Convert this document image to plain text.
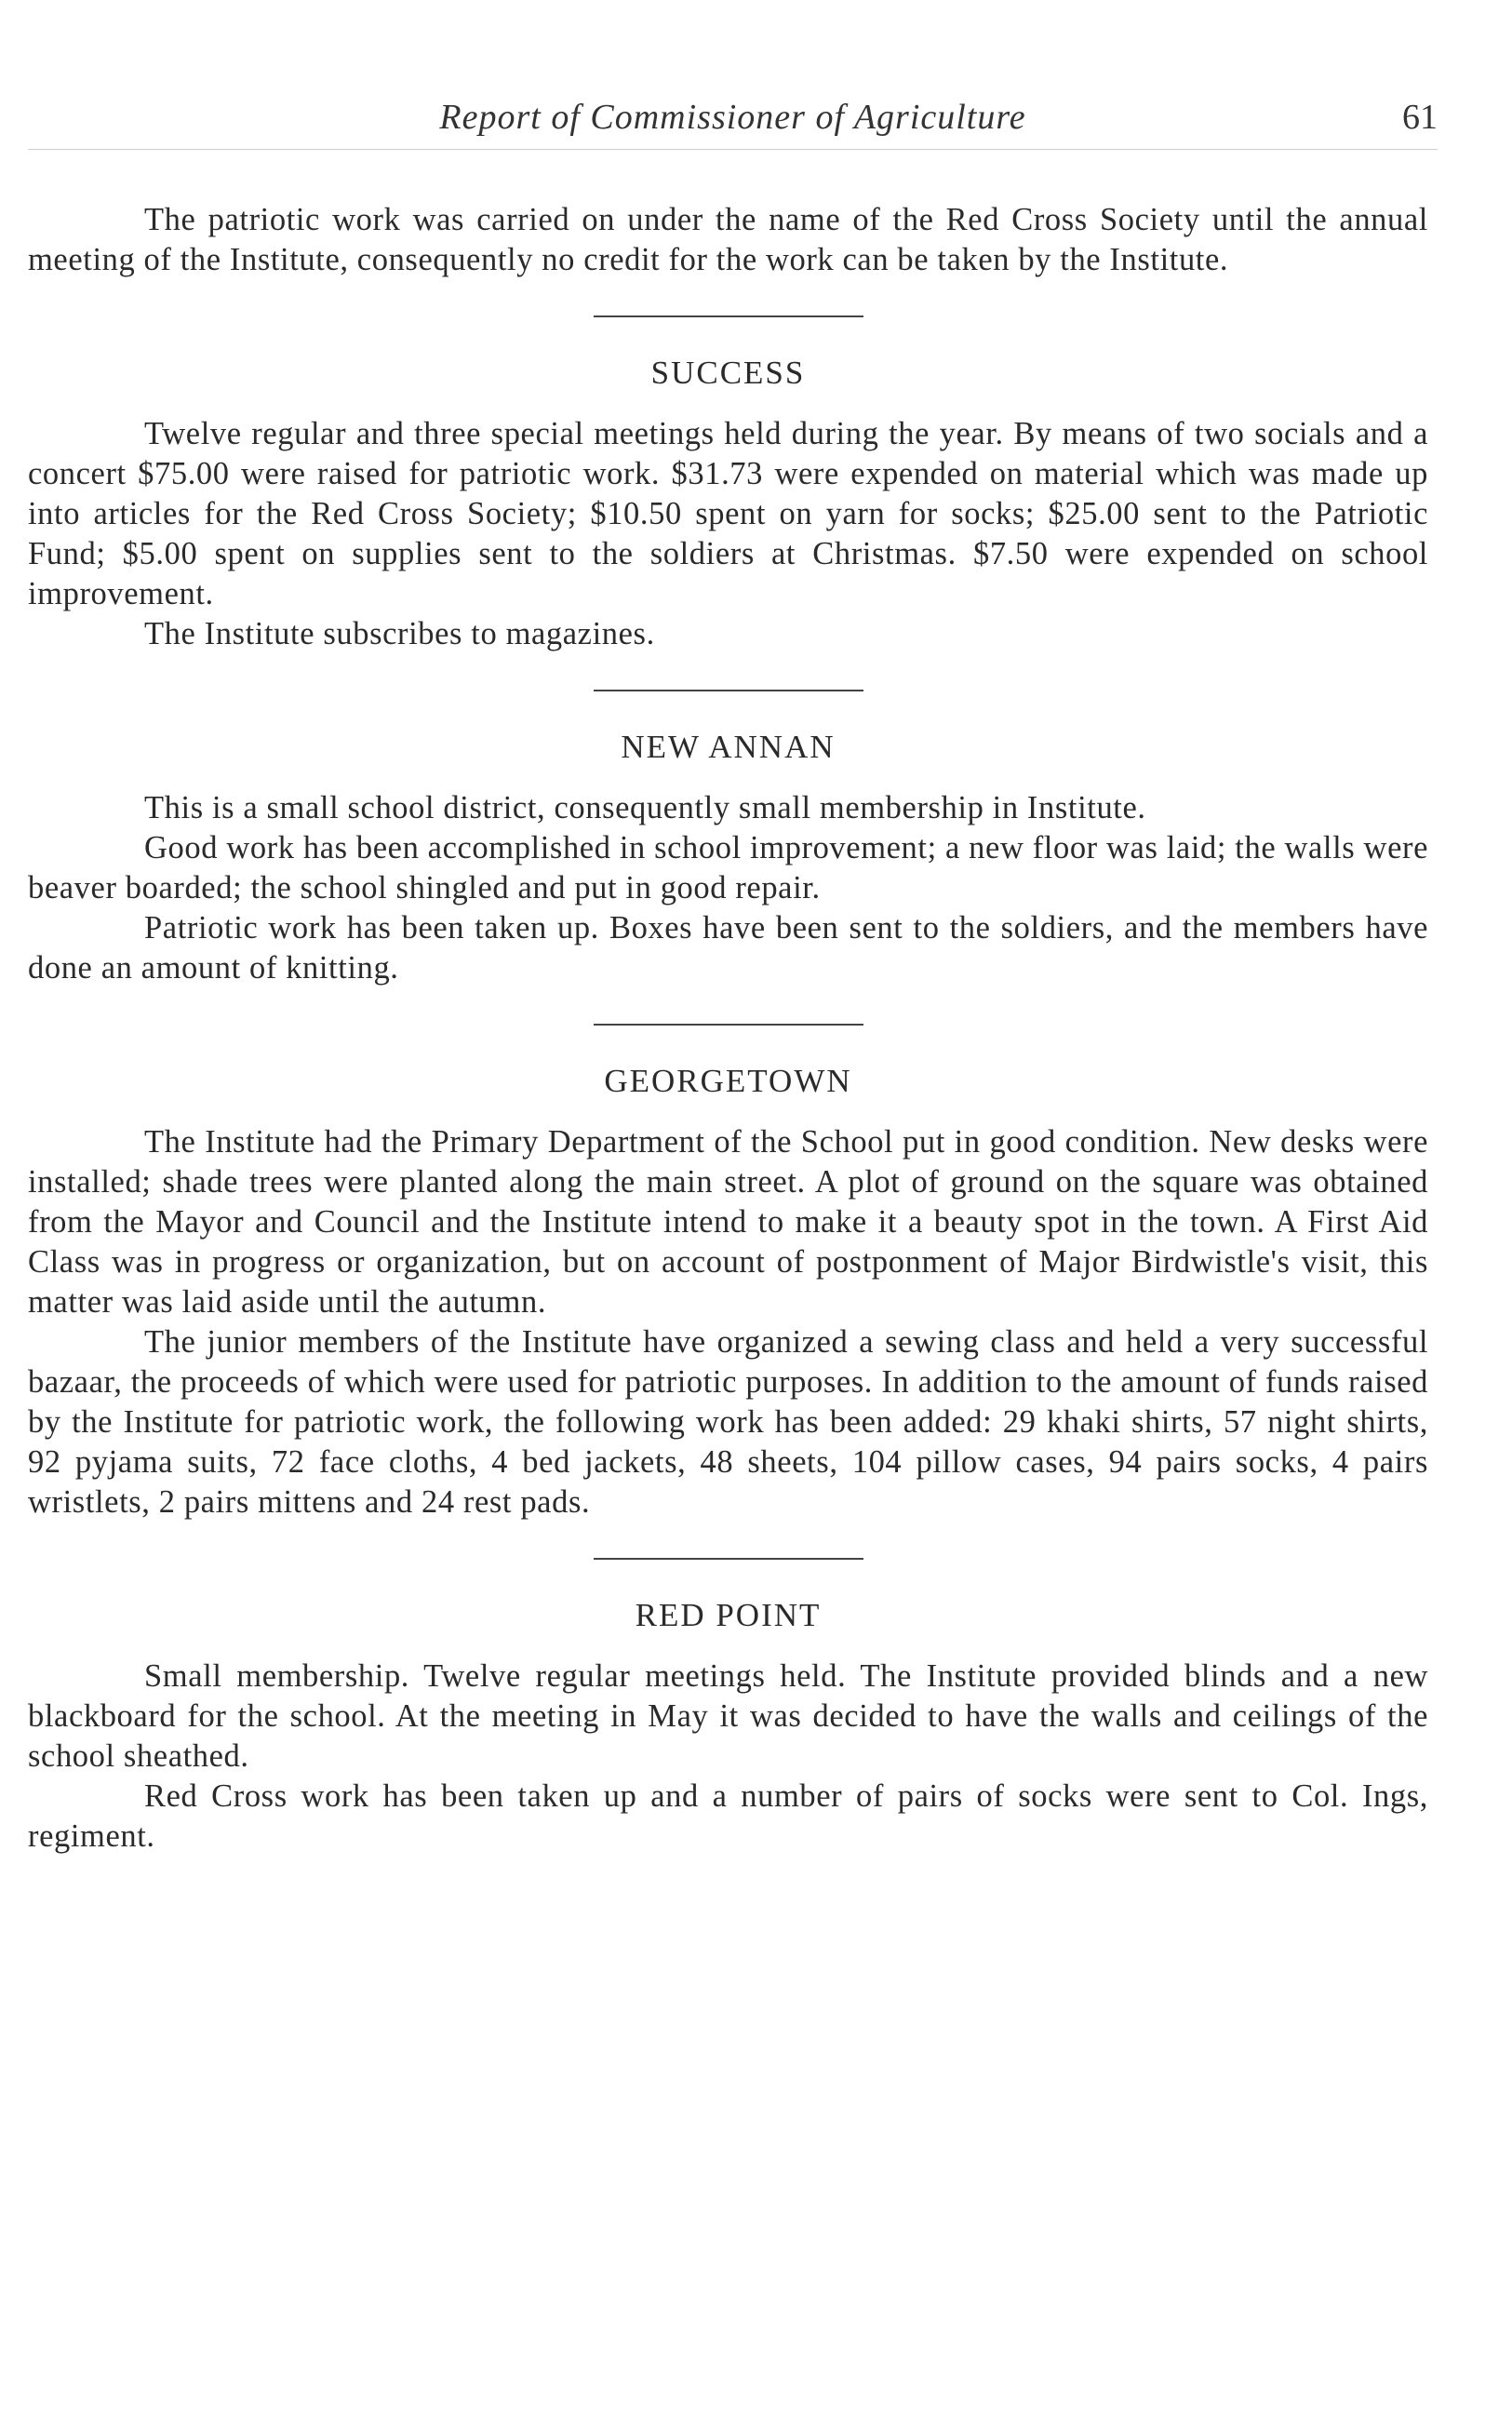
Report of Commissioner of Agriculture	61

The patriotic work was carried on under the name of the Red Cross Society until the annual meeting of the Institute, consequently no credit for the work can be taken by the Institute.

SUCCESS

Twelve regular and three special meetings held during the year. By means of two socials and a concert $75.00 were raised for patriotic work. $31.73 were expended on material which was made up into articles for the Red Cross Society; $10.50 spent on yarn for socks; $25.00 sent to the Patriotic Fund; $5.00 spent on supplies sent to the soldiers at Christmas. $7.50 were expended on school improvement.

The Institute subscribes to magazines.

NEW ANNAN

This is a small school district, consequently small membership in Institute.

Good work has been accomplished in school improvement; a new floor was laid; the walls were beaver boarded; the school shingled and put in good repair.

Patriotic work has been taken up. Boxes have been sent to the soldiers, and the members have done an amount of knitting.

GEORGETOWN

The Institute had the Primary Department of the School put in good condition. New desks were installed; shade trees were planted along the main street. A plot of ground on the square was obtained from the Mayor and Council and the Institute intend to make it a beauty spot in the town. A First Aid Class was in progress or organization, but on account of postponment of Major Birdwistle's visit, this matter was laid aside until the autumn.

The junior members of the Institute have organized a sewing class and held a very successful bazaar, the proceeds of which were used for patriotic purposes. In addition to the amount of funds raised by the Institute for patriotic work, the following work has been added: 29 khaki shirts, 57 night shirts, 92 pyjama suits, 72 face cloths, 4 bed jackets, 48 sheets, 104 pillow cases, 94 pairs socks, 4 pairs wristlets, 2 pairs mittens and 24 rest pads.

RED POINT

Small membership. Twelve regular meetings held. The Institute provided blinds and a new blackboard for the school. At the meeting in May it was decided to have the walls and ceilings of the school sheathed.

Red Cross work has been taken up and a number of pairs of socks were sent to Col. Ings, regiment.
